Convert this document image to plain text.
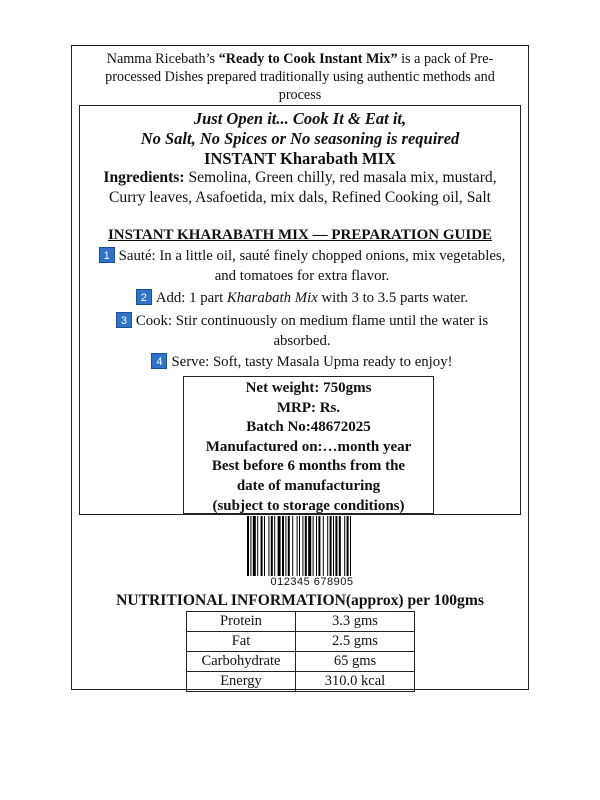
Namma Ricebath’s “Ready to Cook Instant Mix” is a pack of Pre-processed Dishes prepared traditionally using authentic methods and process
Just Open it... Cook It & Eat it,
No Salt, No Spices or No seasoning is required
INSTANT Kharabath MIX
Ingredients: Semolina, Green chilly, red masala mix, mustard, Curry leaves, Asafoetida, mix dals, Refined Cooking oil, Salt
INSTANT KHARABATH MIX — PREPARATION GUIDE
1 Sauté: In a little oil, sauté finely chopped onions, mix vegetables, and tomatoes for extra flavor.
2 Add: 1 part Kharabath Mix with 3 to 3.5 parts water.
3 Cook: Stir continuously on medium flame until the water is absorbed.
4 Serve: Soft, tasty Masala Upma ready to enjoy!
Net weight: 750gms
MRP: Rs.
Batch No:48672025
Manufactured on:…month year
Best before 6 months from the
date of manufacturing
(subject to storage conditions)
012345 678905
NUTRITIONAL INFORMATION(approx) per 100gms
Protein	3.3 gms
Fat	2.5 gms
Carbohydrate	65 gms
Energy	310.0 kcal
